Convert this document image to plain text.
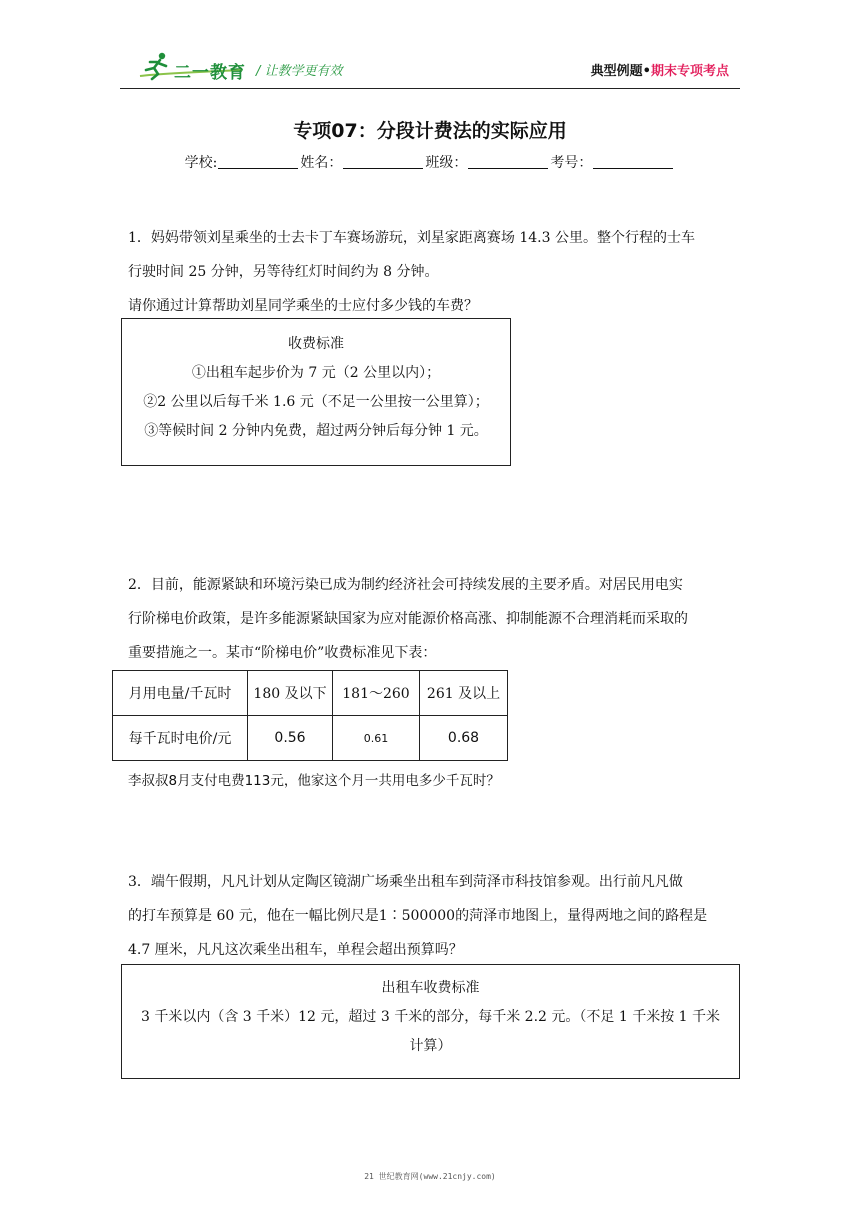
二一教育 / 让教学更有效	典型例题•期末专项考点
专项07：分段计费法的实际应用
学校:	姓名：	班级：	考号：
1．妈妈带领刘星乘坐的士去卡丁车赛场游玩，刘星家距离赛场 14.3 公里。整个行程的士车
行驶时间 25 分钟，另等待红灯时间约为 8 分钟。
请你通过计算帮助刘星同学乘坐的士应付多少钱的车费？
收费标准
①出租车起步价为 7 元（2 公里以内）；
②2 公里以后每千米 1.6 元（不足一公里按一公里算）；
③等候时间 2 分钟内免费，超过两分钟后每分钟 1 元。
2．目前，能源紧缺和环境污染已成为制约经济社会可持续发展的主要矛盾。对居民用电实
行阶梯电价政策，是许多能源紧缺国家为应对能源价格高涨、抑制能源不合理消耗而采取的
重要措施之一。某市“阶梯电价”收费标准见下表：
月用电量/千瓦时	180 及以下	181～260	261 及以上
每千瓦时电价/元	0.56	0.61	0.68
李叔叔8月支付电费113元，他家这个月一共用电多少千瓦时？
3．端午假期，凡凡计划从定陶区镜湖广场乘坐出租车到菏泽市科技馆参观。出行前凡凡做
的打车预算是 60 元，他在一幅比例尺是1∶500000的菏泽市地图上，量得两地之间的路程是
4.7 厘米，凡凡这次乘坐出租车，单程会超出预算吗？
出租车收费标准
3 千米以内（含 3 千米）12 元，超过 3 千米的部分，每千米 2.2 元。（不足 1 千米按 1 千米
计算）
21 世纪教育网(www.21cnjy.com)
